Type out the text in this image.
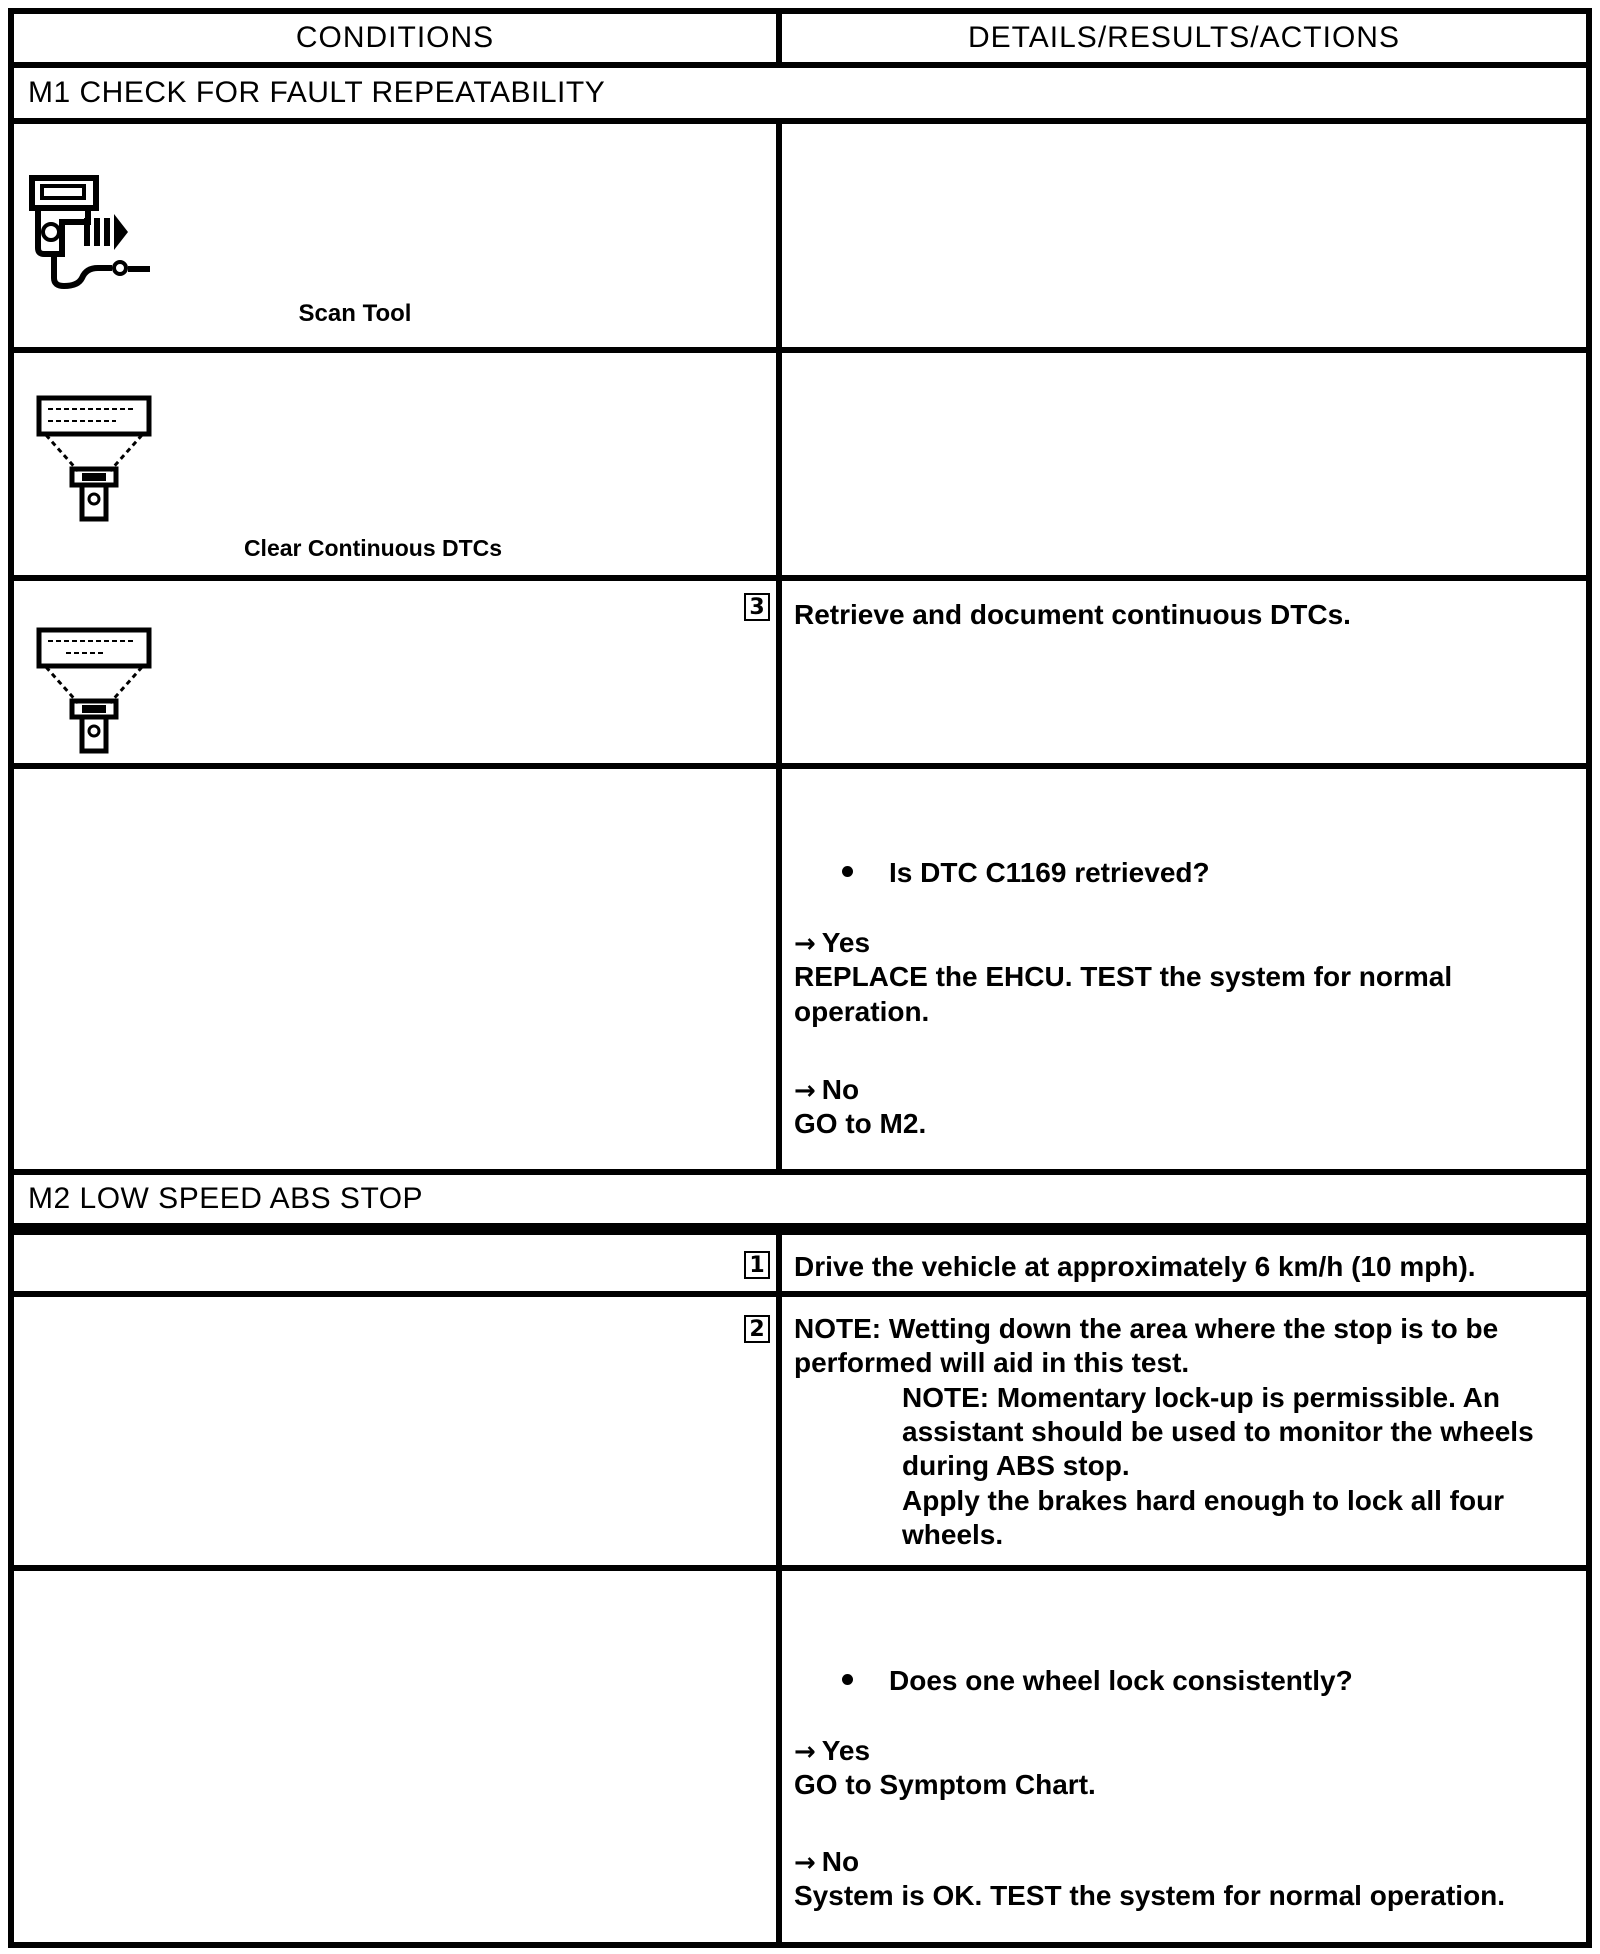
CONDITIONS	DETAILS/RESULTS/ACTIONS
M1 CHECK FOR FAULT REPEATABILITY
Scan Tool
Clear Continuous DTCs
3 Retrieve and document continuous DTCs.
Is DTC C1169 retrieved?
→ Yes
REPLACE the EHCU. TEST the system for normal
operation.
→ No
GO to M2.
M2 LOW SPEED ABS STOP
1 Drive the vehicle at approximately 6 km/h (10 mph).
2 NOTE: Wetting down the area where the stop is to be
performed will aid in this test.
NOTE: Momentary lock-up is permissible. An
assistant should be used to monitor the wheels
during ABS stop.
Apply the brakes hard enough to lock all four
wheels.
Does one wheel lock consistently?
→ Yes
GO to Symptom Chart.
→ No
System is OK. TEST the system for normal operation.
